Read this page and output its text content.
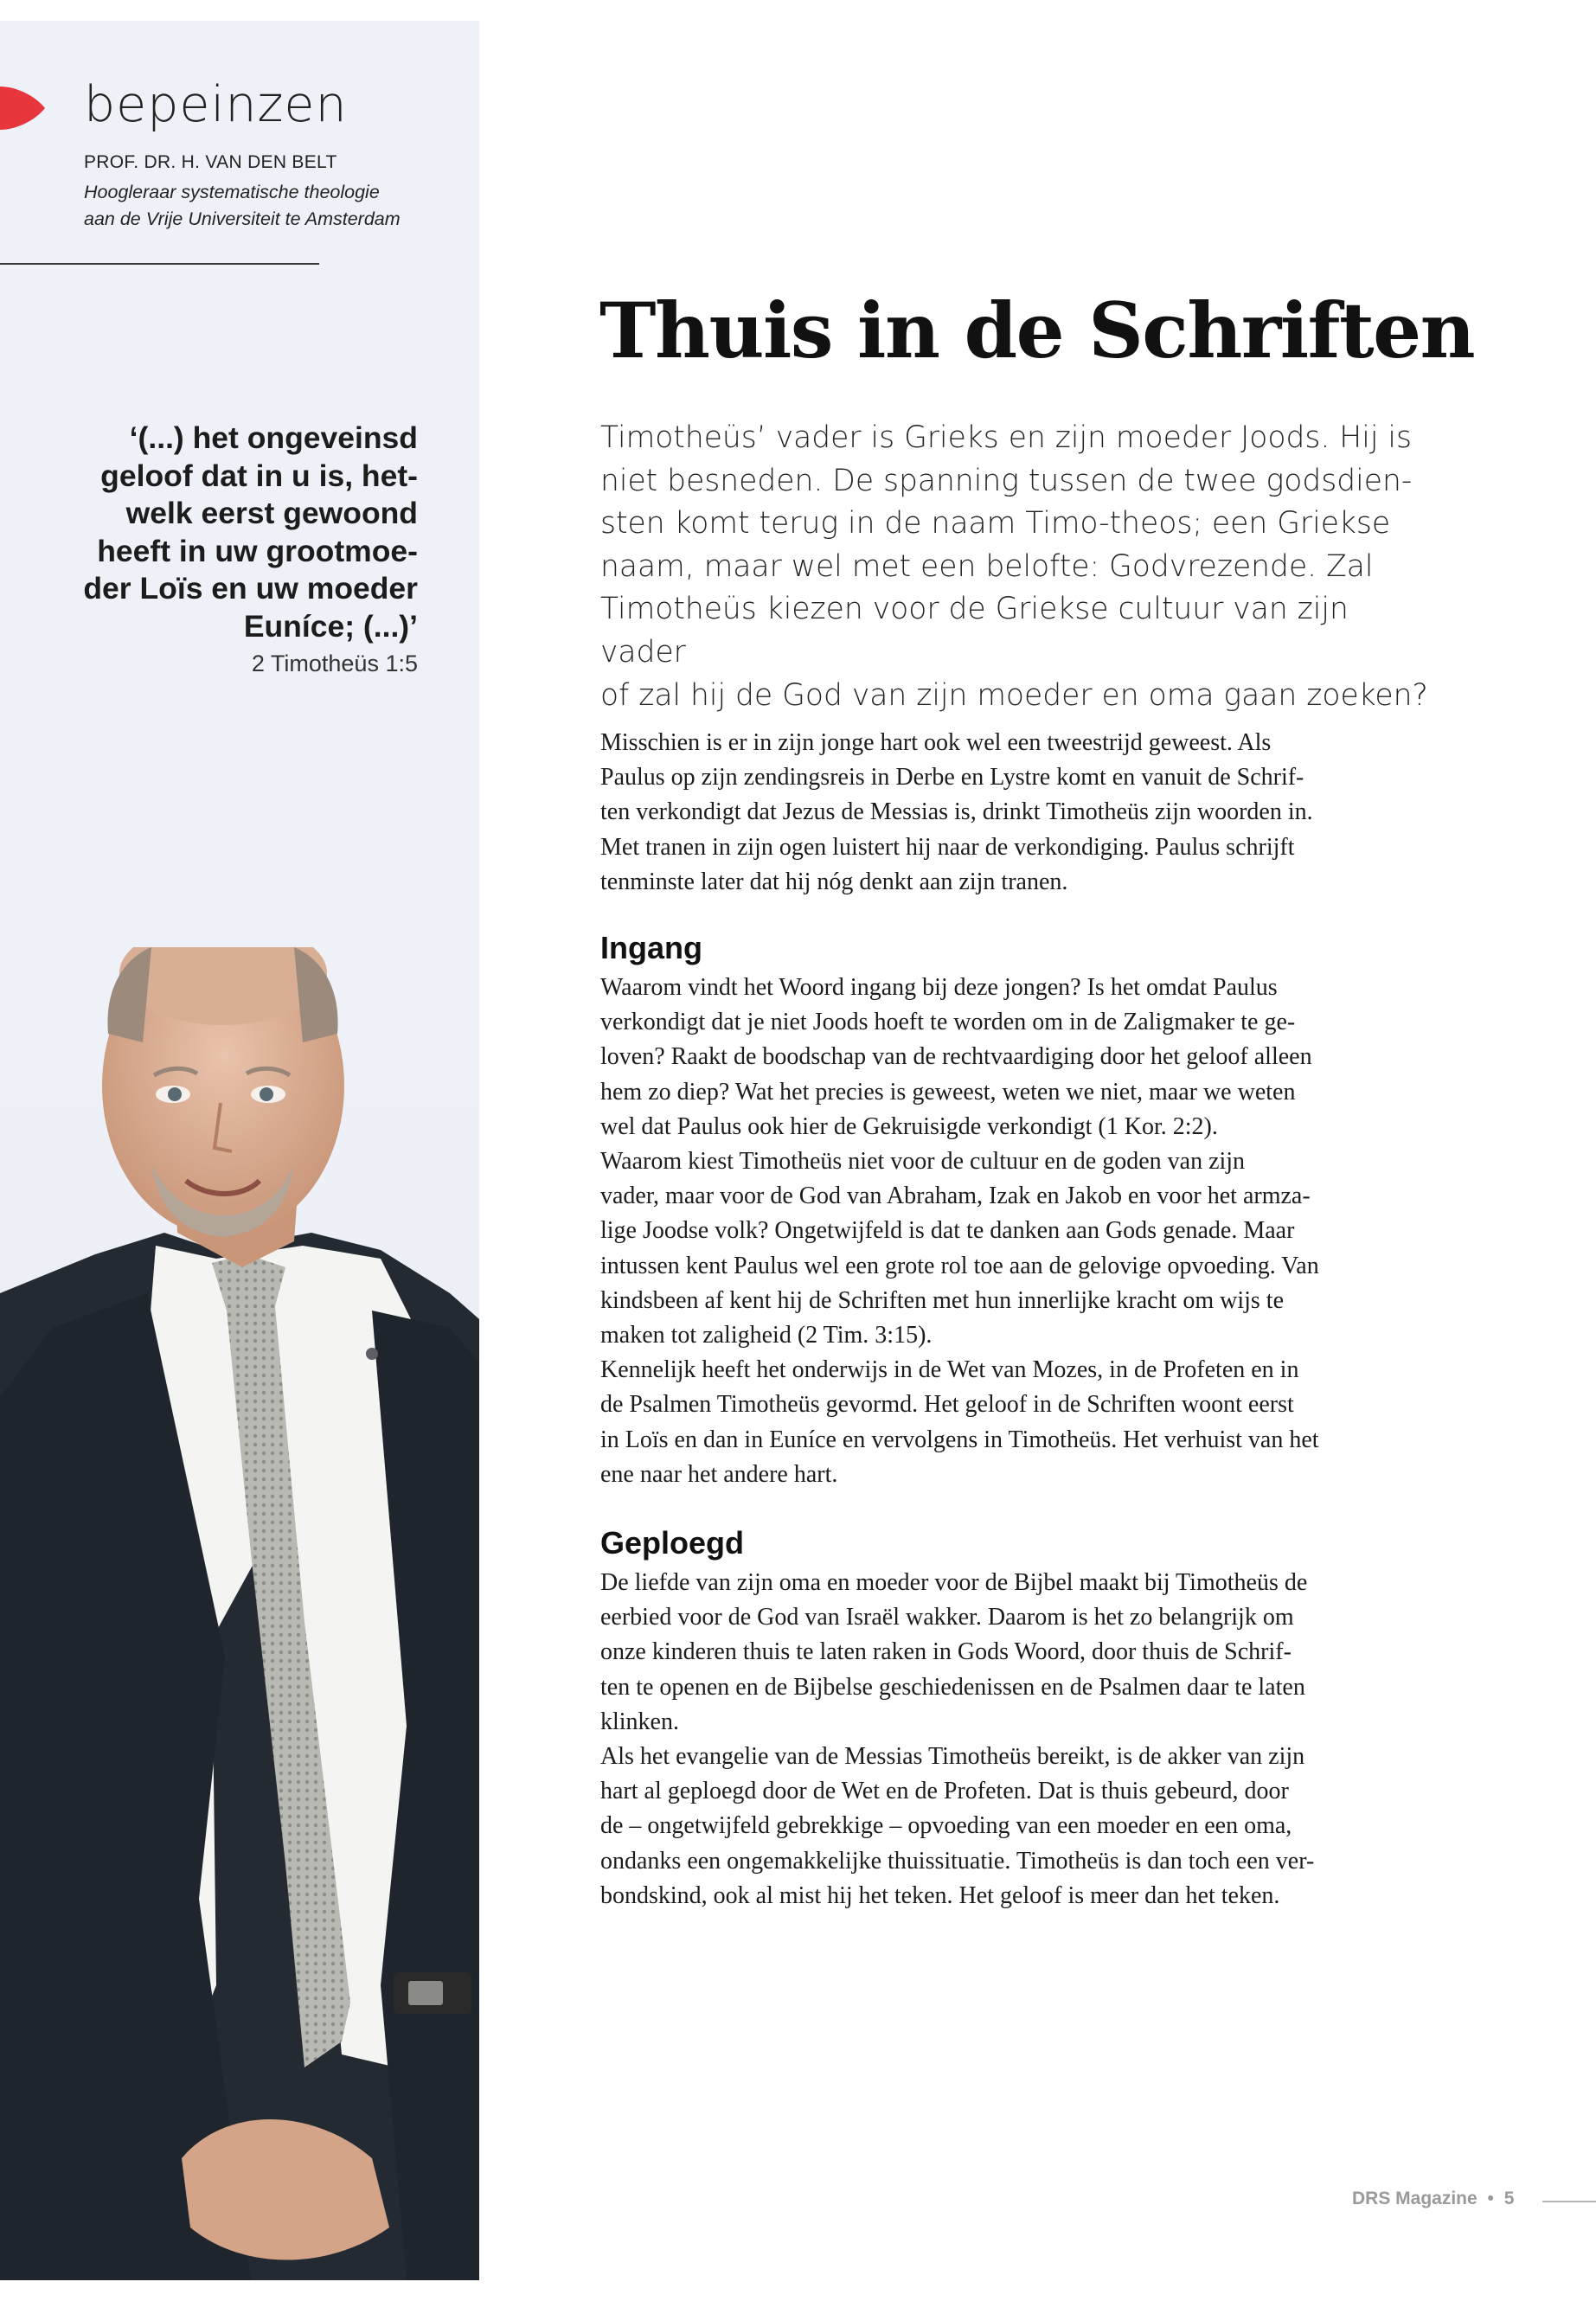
bepeinzen
PROF. DR. H. VAN DEN BELT
Hoogleraar systematische theologie
aan de Vrije Universiteit te Amsterdam
‘(...) het ongeveinsd
geloof dat in u is, het-
welk eerst gewoond
heeft in uw grootmoe-
der Loïs en uw moeder
Euníce; (...)’
2 Timotheüs 1:5
Thuis in de Schriften
Timotheüs’ vader is Grieks en zijn moeder Joods. Hij is
niet besneden. De spanning tussen de twee godsdien-
sten komt terug in de naam Timo-theos; een Griekse
naam, maar wel met een belofte: Godvrezende. Zal
Timotheüs kiezen voor de Griekse cultuur van zijn vader
of zal hij de God van zijn moeder en oma gaan zoeken?

Misschien is er in zijn jonge hart ook wel een tweestrijd geweest. Als

Paulus op zijn zendingsreis in Derbe en Lystre komt en vanuit de Schrif-

ten verkondigt dat Jezus de Messias is, drinkt Timotheüs zijn woorden in.

Met tranen in zijn ogen luistert hij naar de verkondiging. Paulus schrijft

tenminste later dat hij nóg denkt aan zijn tranen.

Ingang

Waarom vindt het Woord ingang bij deze jongen? Is het omdat Paulus

verkondigt dat je niet Joods hoeft te worden om in de Zaligmaker te ge-

loven? Raakt de boodschap van de rechtvaardiging door het geloof alleen

hem zo diep? Wat het precies is geweest, weten we niet, maar we weten

wel dat Paulus ook hier de Gekruisigde verkondigt (1 Kor. 2:2).

Waarom kiest Timotheüs niet voor de cultuur en de goden van zijn

vader, maar voor de God van Abraham, Izak en Jakob en voor het armza-

lige Joodse volk? Ongetwijfeld is dat te danken aan Gods genade. Maar

intussen kent Paulus wel een grote rol toe aan de gelovige opvoeding. Van

kindsbeen af kent hij de Schriften met hun innerlijke kracht om wijs te

maken tot zaligheid (2 Tim. 3:15).

Kennelijk heeft het onderwijs in de Wet van Mozes, in de Profeten en in

de Psalmen Timotheüs gevormd. Het geloof in de Schriften woont eerst

in Loïs en dan in Euníce en vervolgens in Timotheüs. Het verhuist van het

ene naar het andere hart.

Geploegd

De liefde van zijn oma en moeder voor de Bijbel maakt bij Timotheüs de

eerbied voor de God van Israël wakker. Daarom is het zo belangrijk om

onze kinderen thuis te laten raken in Gods Woord, door thuis de Schrif-

ten te openen en de Bijbelse geschiedenissen en de Psalmen daar te laten

klinken.

Als het evangelie van de Messias Timotheüs bereikt, is de akker van zijn

hart al geploegd door de Wet en de Profeten. Dat is thuis gebeurd, door

de – ongetwijfeld gebrekkige – opvoeding van een moeder en een oma,

ondanks een ongemakkelijke thuissituatie. Timotheüs is dan toch een ver-

bondskind, ook al mist hij het teken. Het geloof is meer dan het teken.

DRS Magazine • 5
